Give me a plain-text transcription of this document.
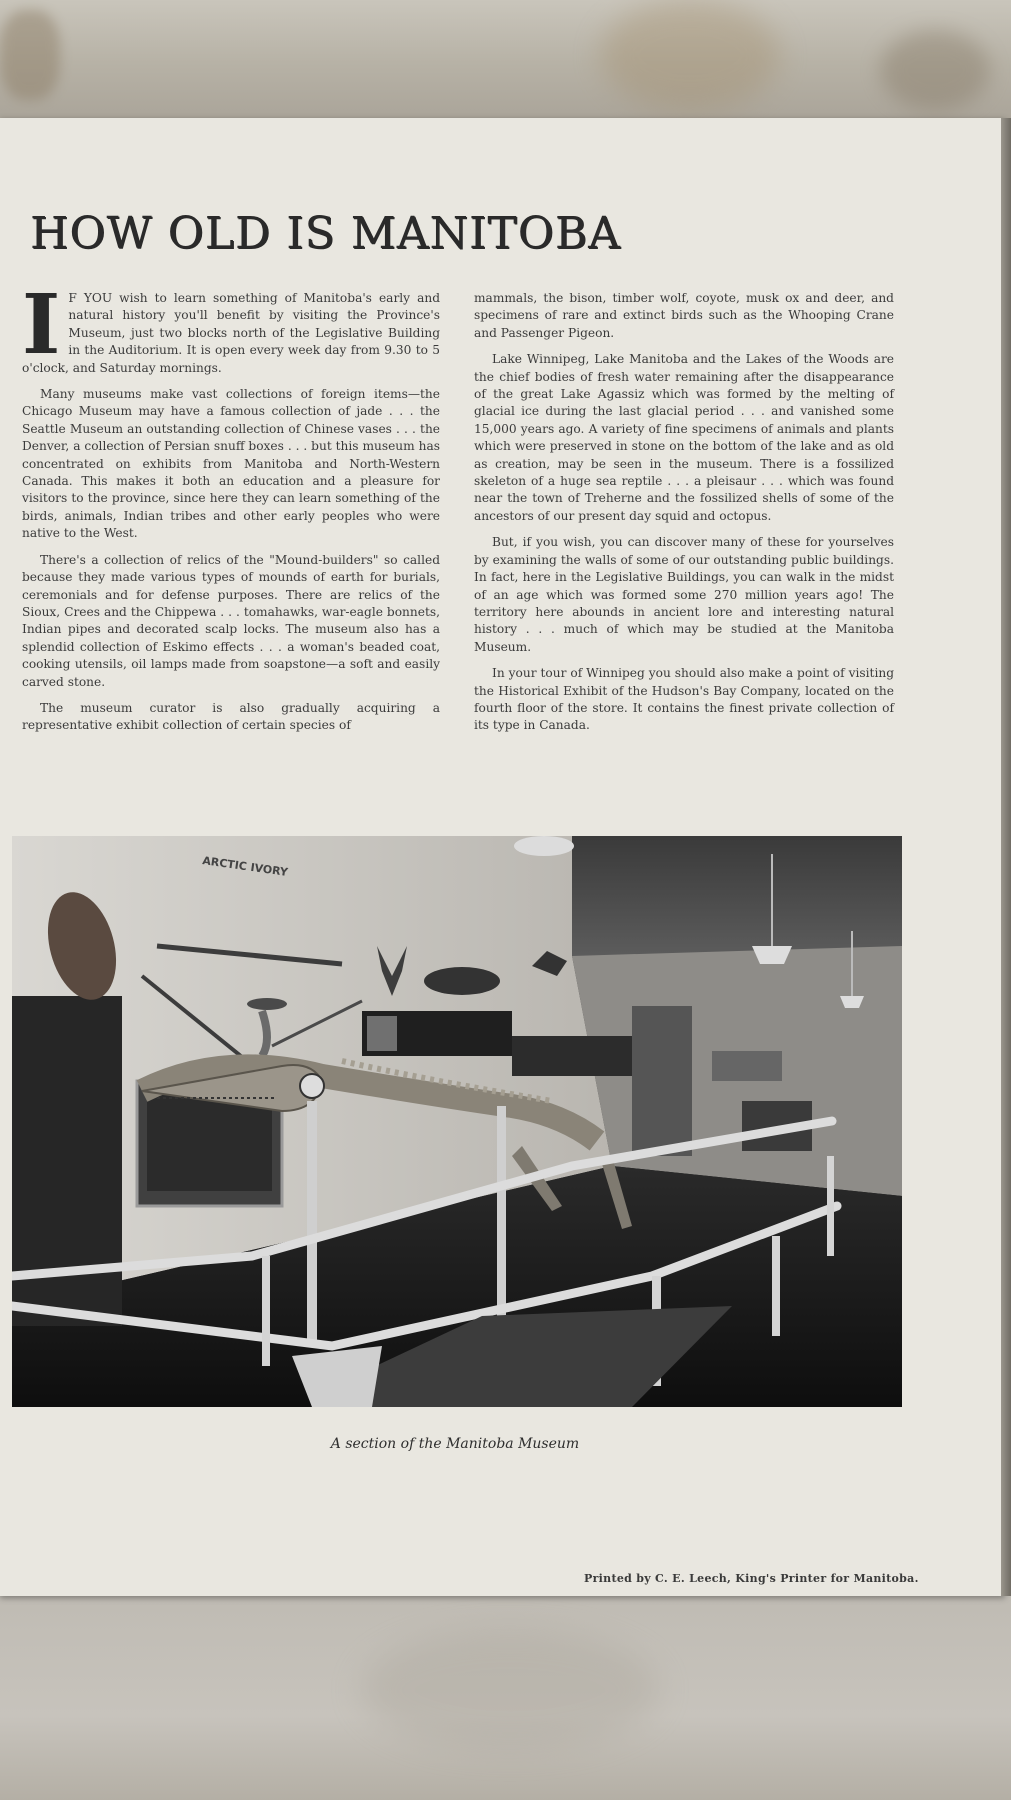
HOW OLD IS MANITOBA

I F YOU wish to learn something of Manitoba's early and natural history you'll benefit by visiting the Province's Museum, just two blocks north of the Legislative Building in the Auditorium. It is open every week day from 9.30 to 5 o'clock, and Saturday mornings.

Many museums make vast collections of foreign items—the Chicago Museum may have a famous collection of jade . . . the Seattle Museum an outstanding collection of Chinese vases . . . the Denver, a collection of Persian snuff boxes . . . but this museum has concentrated on exhibits from Manitoba and North-Western Canada. This makes it both an education and a pleasure for visitors to the province, since here they can learn something of the birds, animals, Indian tribes and other early peoples who were native to the West.

There's a collection of relics of the "Mound-builders" so called because they made various types of mounds of earth for burials, ceremonials and for defense purposes. There are relics of the Sioux, Crees and the Chippewa . . . tomahawks, war-eagle bonnets, Indian pipes and decorated scalp locks. The museum also has a splendid collection of Eskimo effects . . . a woman's beaded coat, cooking utensils, oil lamps made from soapstone—a soft and easily carved stone.

The museum curator is also gradually acquiring a representative exhibit collection of certain species of

mammals, the bison, timber wolf, coyote, musk ox and deer, and specimens of rare and extinct birds such as the Whooping Crane and Passenger Pigeon.

Lake Winnipeg, Lake Manitoba and the Lakes of the Woods are the chief bodies of fresh water remaining after the disappearance of the great Lake Agassiz which was formed by the melting of glacial ice during the last glacial period . . . and vanished some 15,000 years ago. A variety of fine specimens of animals and plants which were preserved in stone on the bottom of the lake and as old as creation, may be seen in the museum. There is a fossilized skeleton of a huge sea reptile . . . a pleisaur . . . which was found near the town of Treherne and the fossilized shells of some of the ancestors of our present day squid and octopus.

But, if you wish, you can discover many of these for yourselves by examining the walls of some of our outstanding public buildings. In fact, here in the Legislative Buildings, you can walk in the midst of an age which was formed some 270 million years ago! The territory here abounds in ancient lore and interesting natural history . . . much of which may be studied at the Manitoba Museum.

In your tour of Winnipeg you should also make a point of visiting the Historical Exhibit of the Hudson's Bay Company, located on the fourth floor of the store. It contains the finest private collection of its type in Canada.

ARCTIC IVORY
A section of the Manitoba Museum
Printed by C. E. Leech, King's Printer for Manitoba.
